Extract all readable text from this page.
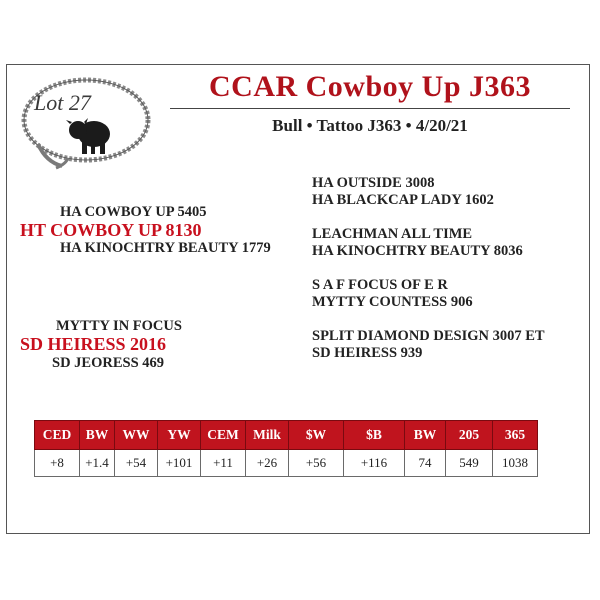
Lot 27	CCAR Cowboy Up J363
Bull • Tattoo J363 • 4/20/21
HA COWBOY UP 5405
HT COWBOY UP 8130
HA KINOCHTRY BEAUTY 1779
MYTTY IN FOCUS
SD HEIRESS 2016
SD JEORESS 469
HA OUTSIDE 3008
HA BLACKCAP LADY 1602
LEACHMAN ALL TIME
HA KINOCHTRY BEAUTY 8036
S A F FOCUS OF E R
MYTTY COUNTESS 906
SPLIT DIAMOND DESIGN 3007 ET
SD HEIRESS 939
CED	BW	WW	YW	CEM	Milk	$W	$B	BW	205	365
+8	+1.4	+54	+101	+11	+26	+56	+116	74	549	1038
